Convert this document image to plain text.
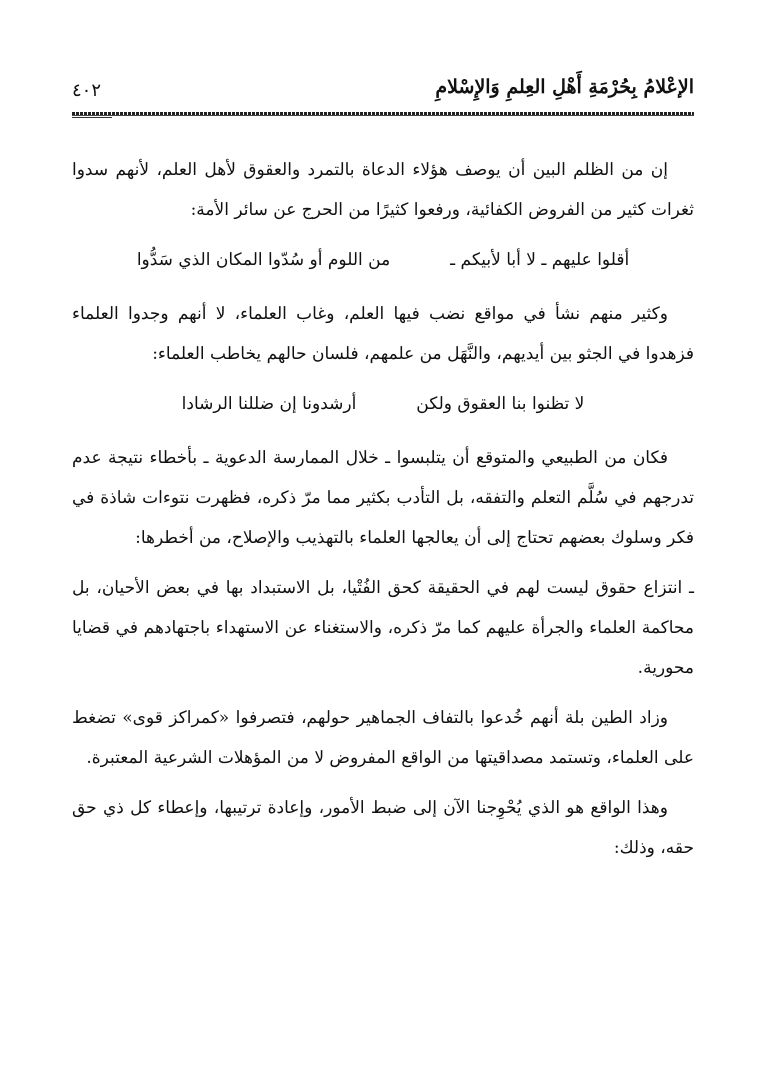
الإعْلامُ بِحُرْمَةِ أَهْلِ العِلمِ وَالإِسْلامِ
٤٠٢

إن من الظلم البين أن يوصف هؤلاء الدعاة بالتمرد والعقوق لأهل العلم، لأنهم سدوا ثغرات كثير من الفروض الكفائية، ورفعوا كثيرًا من الحرج عن سائر الأمة:

أقلوا عليهم ـ لا أبا لأبيكم ـ
من اللوم أو سُدّوا المكان الذي سَدُّوا

وكثير منهم نشأ في مواقع نضب فيها العلم، وغاب العلماء، لا أنهم وجدوا العلماء فزهدوا في الجثو بين أيديهم، والنَّهَل من علمهم، فلسان حالهم يخاطب العلماء:

لا تظنوا بنا العقوق ولكن
أرشدونا إن ضللنا الرشادا

فكان من الطبيعي والمتوقع أن يتلبسوا ـ خلال الممارسة الدعوية ـ بأخطاء نتيجة عدم تدرجهم في سُلَّم التعلم والتفقه، بل التأدب بكثير مما مرّ ذكره، فظهرت نتوءات شاذة في فكر وسلوك بعضهم تحتاج إلى أن يعالجها العلماء بالتهذيب والإصلاح، من أخطرها:

ـ انتزاع حقوق ليست لهم في الحقيقة كحق الفُتْيا، بل الاستبداد بها في بعض الأحيان، بل محاكمة العلماء والجرأة عليهم كما مرّ ذكره، والاستغناء عن الاستهداء باجتهادهم في قضايا محورية.

وزاد الطين بلة أنهم خُدعوا بالتفاف الجماهير حولهم، فتصرفوا «كمراكز قوى» تضغط على العلماء، وتستمد مصداقيتها من الواقع المفروض لا من المؤهلات الشرعية المعتبرة.

وهذا الواقع هو الذي يُحْوِجنا الآن إلى ضبط الأمور، وإعادة ترتيبها، وإعطاء كل ذي حق حقه، وذلك:
